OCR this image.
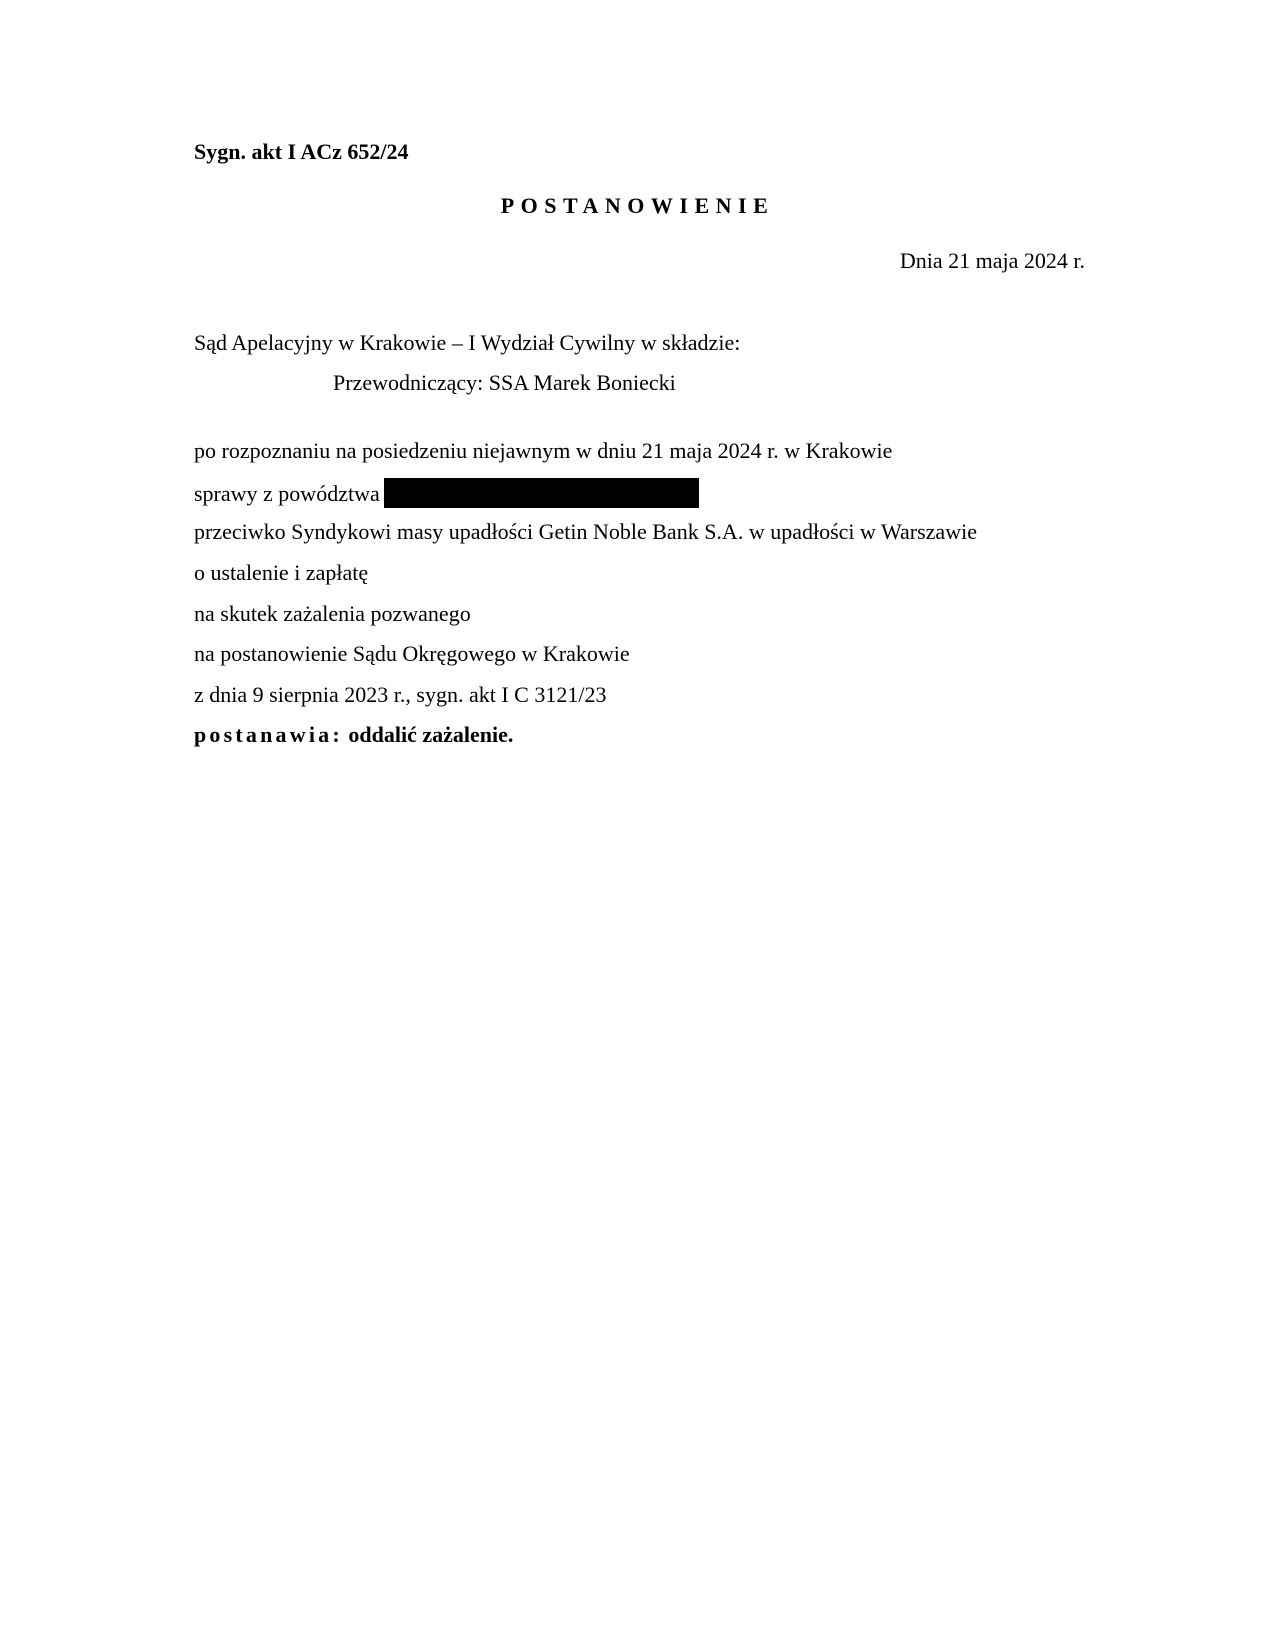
Sygn. akt I ACz 652/24
POSTANOWIENIE
Dnia 21 maja 2024 r.
Sąd Apelacyjny w Krakowie – I Wydział Cywilny w składzie:
Przewodniczący: SSA Marek Boniecki
po rozpoznaniu na posiedzeniu niejawnym w dniu 21 maja 2024 r. w Krakowie
sprawy z powództwa
przeciwko Syndykowi masy upadłości Getin Noble Bank S.A. w upadłości w Warszawie
o ustalenie i zapłatę
na skutek zażalenia pozwanego
na postanowienie Sądu Okręgowego w Krakowie
z dnia 9 sierpnia 2023 r., sygn. akt I C 3121/23
postanawia: oddalić zażalenie.
